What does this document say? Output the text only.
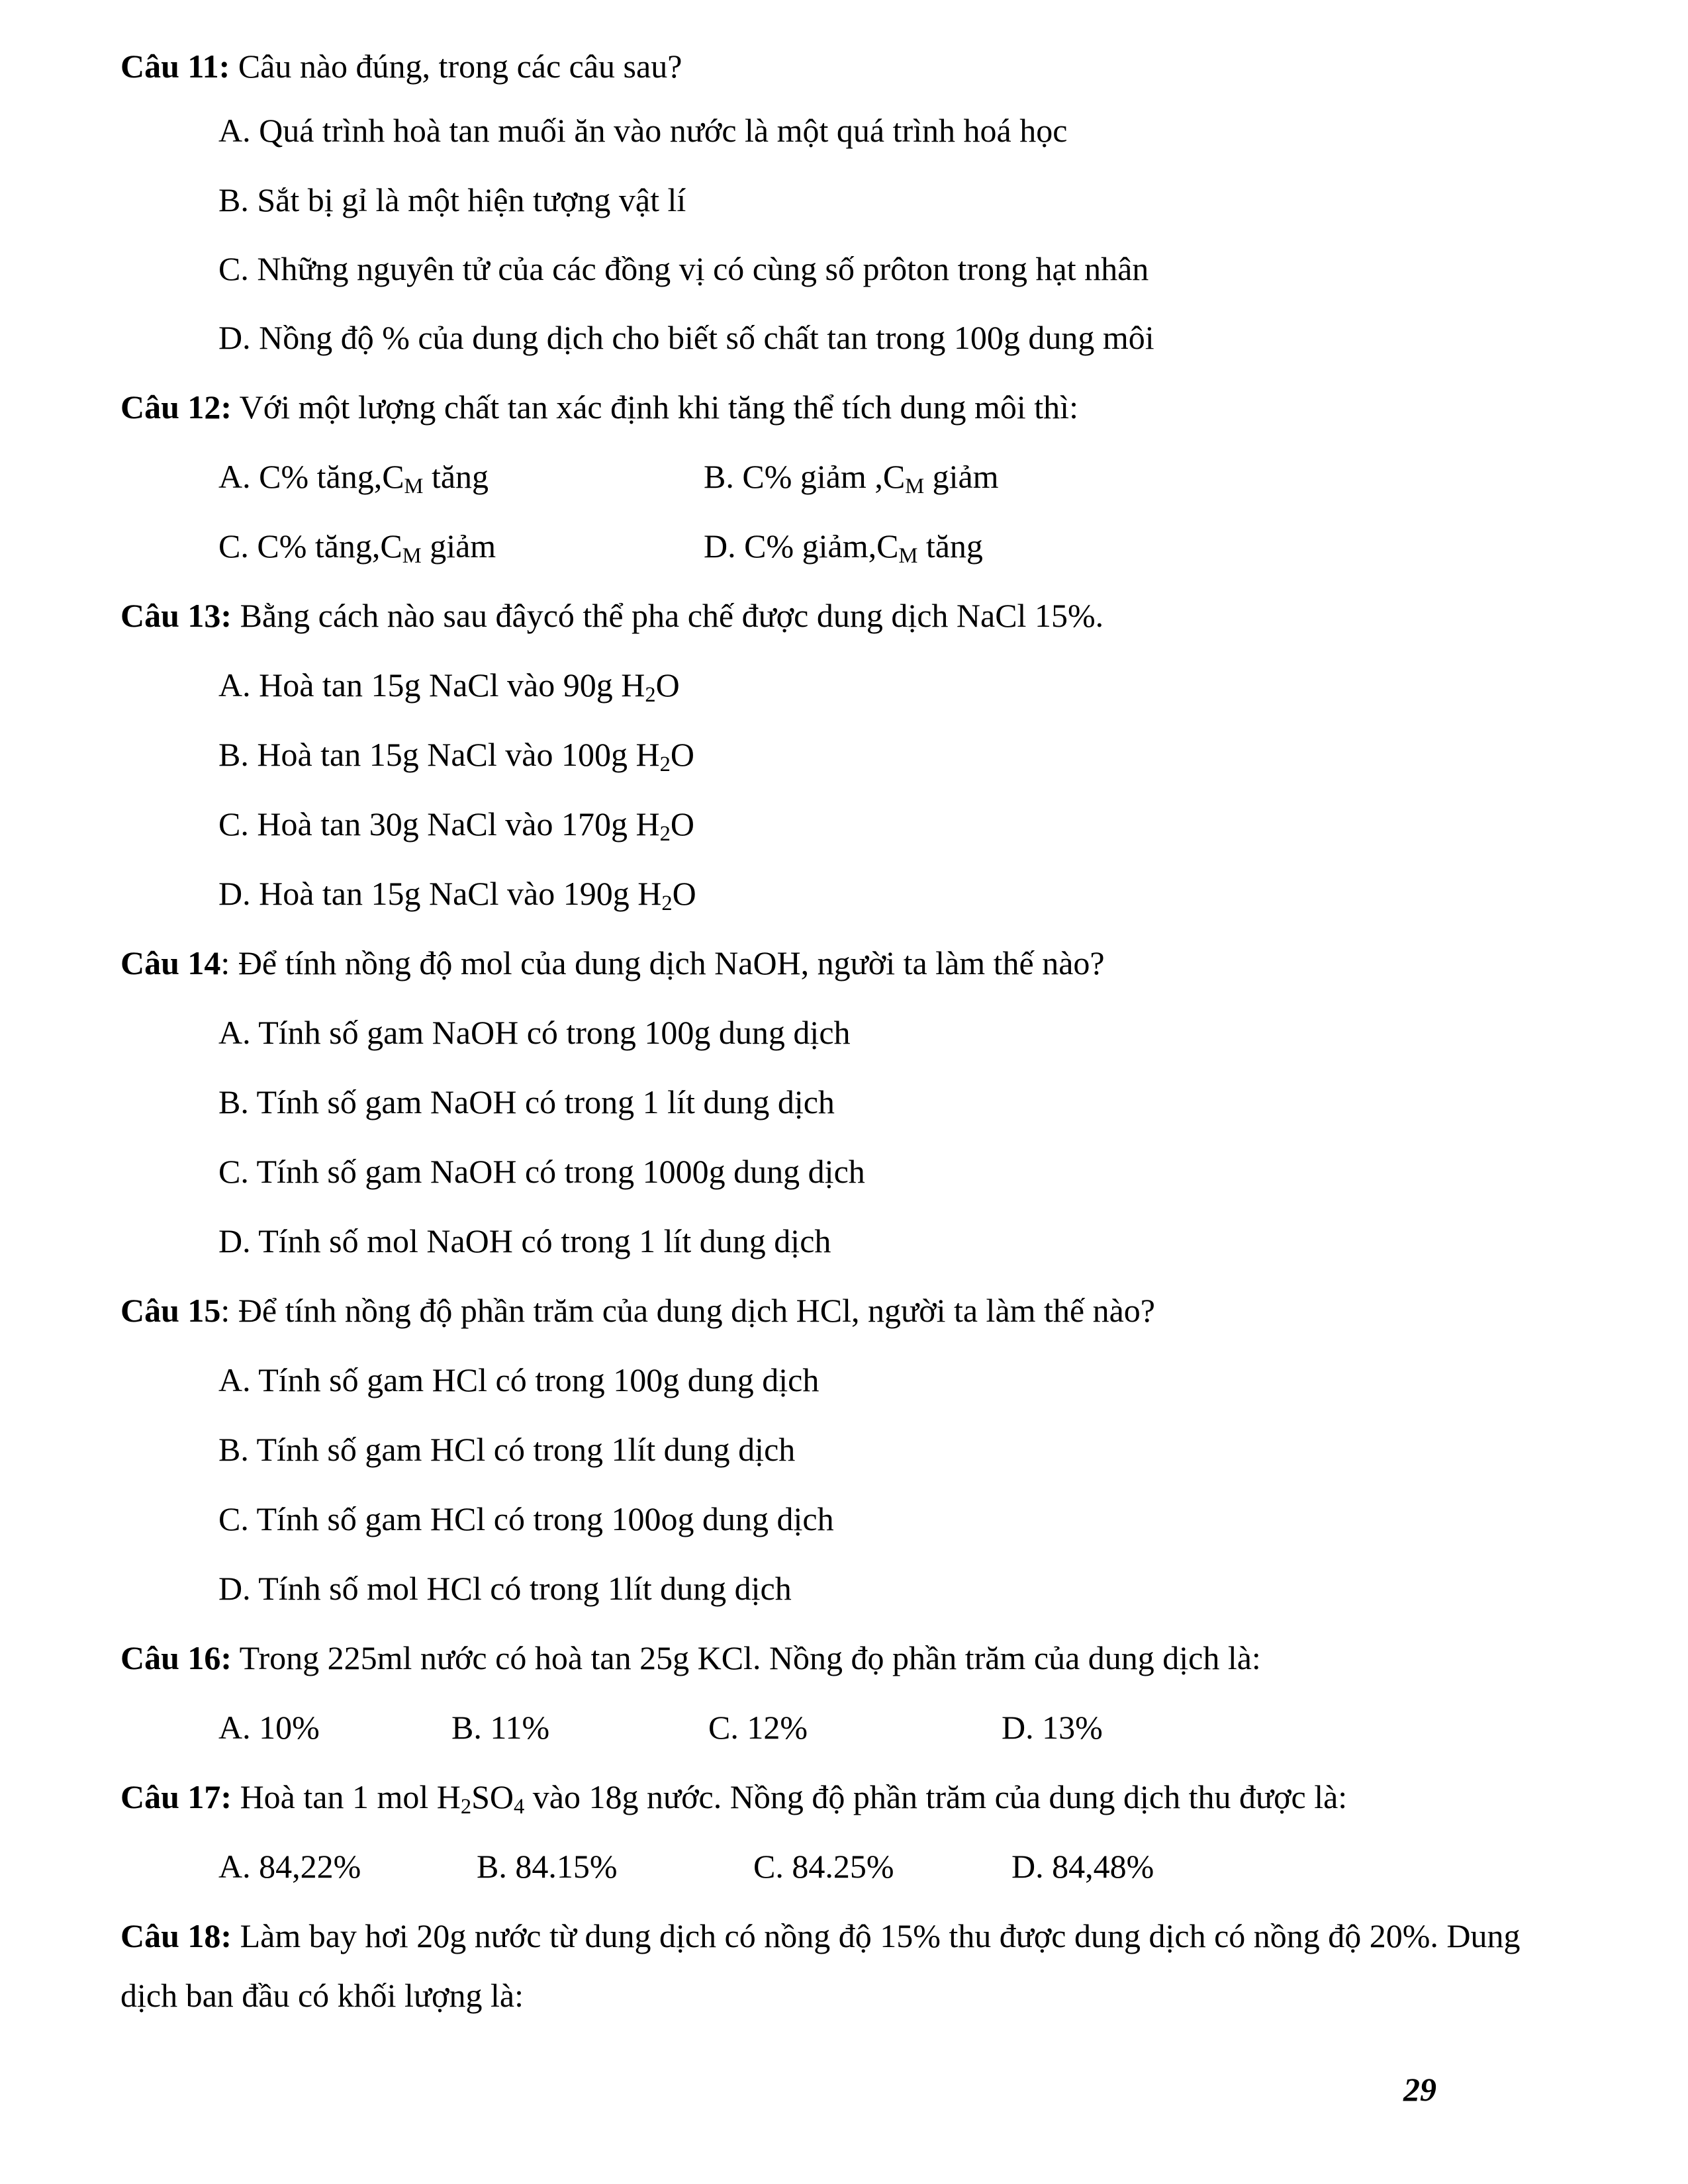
Câu 11: Câu nào đúng, trong các câu sau?
A. Quá trình hoà tan muối ăn vào nước là một quá trình hoá học
B. Sắt bị gỉ là một hiện tượng vật lí
C. Những nguyên tử của các đồng vị có cùng số prôton trong hạt nhân
D. Nồng độ % của dung dịch cho biết số chất tan trong 100g dung môi
Câu 12: Với một lượng chất tan xác định khi tăng thể tích dung môi thì:
A. C% $tăng,C_M$ tăng	B. C% giảm $,C_M$ giảm
C. C% $tăng,C_M$ giảm	D. C% $giảm,C_M$ tăng
Câu 13: Bằng cách nào sau đâycó thể pha chế được dung dịch NaCl 15%.
A. Hoà tan 15g NaCl vào 90g $H_2O$
B. Hoà tan 15g NaCl vào 100g $H_2O$
C. Hoà tan 30g NaCl vào 170g $H_2O$
D. Hoà tan 15g NaCl vào 190g $H_2O$
Câu 14: Để tính nồng độ mol của dung dịch NaOH, người ta làm thế nào?
A. Tính số gam NaOH có trong 100g dung dịch
B. Tính số gam NaOH có trong 1 lít dung dịch
C. Tính số gam NaOH có trong 1000g dung dịch
D. Tính số mol NaOH có trong 1 lít dung dịch
Câu 15: Để tính nồng độ phần trăm của dung dịch HCl, người ta làm thế nào?
A. Tính số gam HCl có trong 100g dung dịch
B. Tính số gam HCl có trong 1lít dung dịch
C. Tính số gam HCl có trong 100og dung dịch
D. Tính số mol HCl có trong 1lít dung dịch
Câu 16: Trong 225ml nước có hoà tan 25g KCl. Nồng đọ phần trăm của dung dịch là:
A. 10%	B. 11%	C. 12%	D. 13%
Câu 17: Hoà tan 1 mol $H_2SO_4$ vào 18g nước. Nồng độ phần trăm của dung dịch thu được là:
A. 84,22%	B. 84.15%	C. 84.25%	D. 84,48%
Câu 18: Làm bay hơi 20g nước từ dung dịch có nồng độ 15% thu được dung dịch có nồng độ 20%. Dung
dịch ban đầu có khối lượng là:
29
